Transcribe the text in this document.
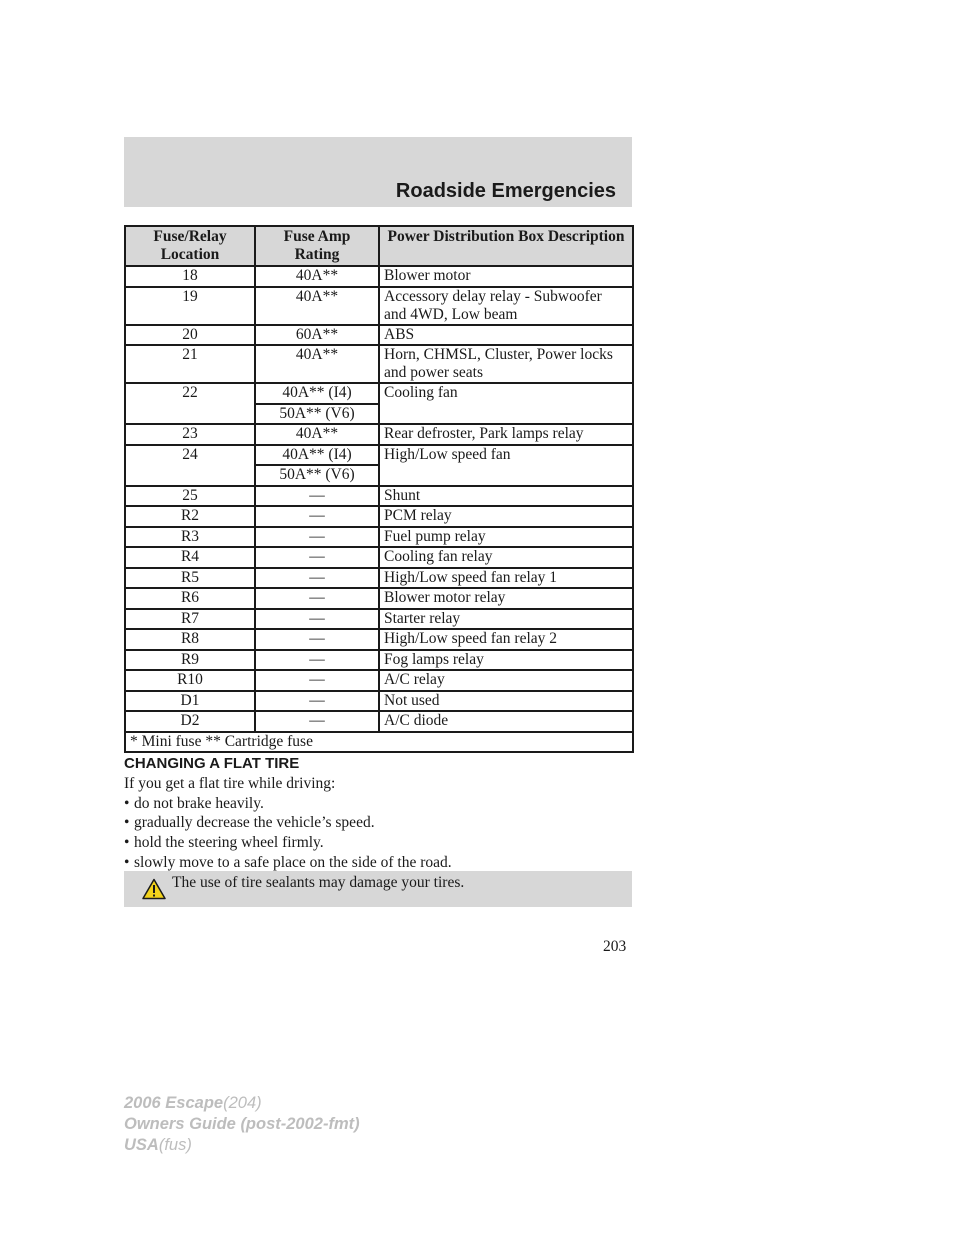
Roadside Emergencies
Fuse/Relay Location	Fuse Amp Rating	Power Distribution Box Description
18	40A**	Blower motor
19	40A**	Accessory delay relay - Subwoofer and 4WD, Low beam
20	60A**	ABS
21	40A**	Horn, CHMSL, Cluster, Power locks and power seats
22	40A** (I4)	Cooling fan
	50A** (V6)	
23	40A**	Rear defroster, Park lamps relay
24	40A** (I4)	High/Low speed fan
	50A** (V6)	
25	—	Shunt
R2	—	PCM relay
R3	—	Fuel pump relay
R4	—	Cooling fan relay
R5	—	High/Low speed fan relay 1
R6	—	Blower motor relay
R7	—	Starter relay
R8	—	High/Low speed fan relay 2
R9	—	Fog lamps relay
R10	—	A/C relay
D1	—	Not used
D2	—	A/C diode
* Mini fuse ** Cartridge fuse		
CHANGING A FLAT TIRE
If you get a flat tire while driving:
• do not brake heavily.
• gradually decrease the vehicle’s speed.
• hold the steering wheel firmly.
• slowly move to a safe place on the side of the road.
The use of tire sealants may damage your tires.
203
2006 Escape(204)
Owners Guide (post-2002-fmt)
USA(fus)
